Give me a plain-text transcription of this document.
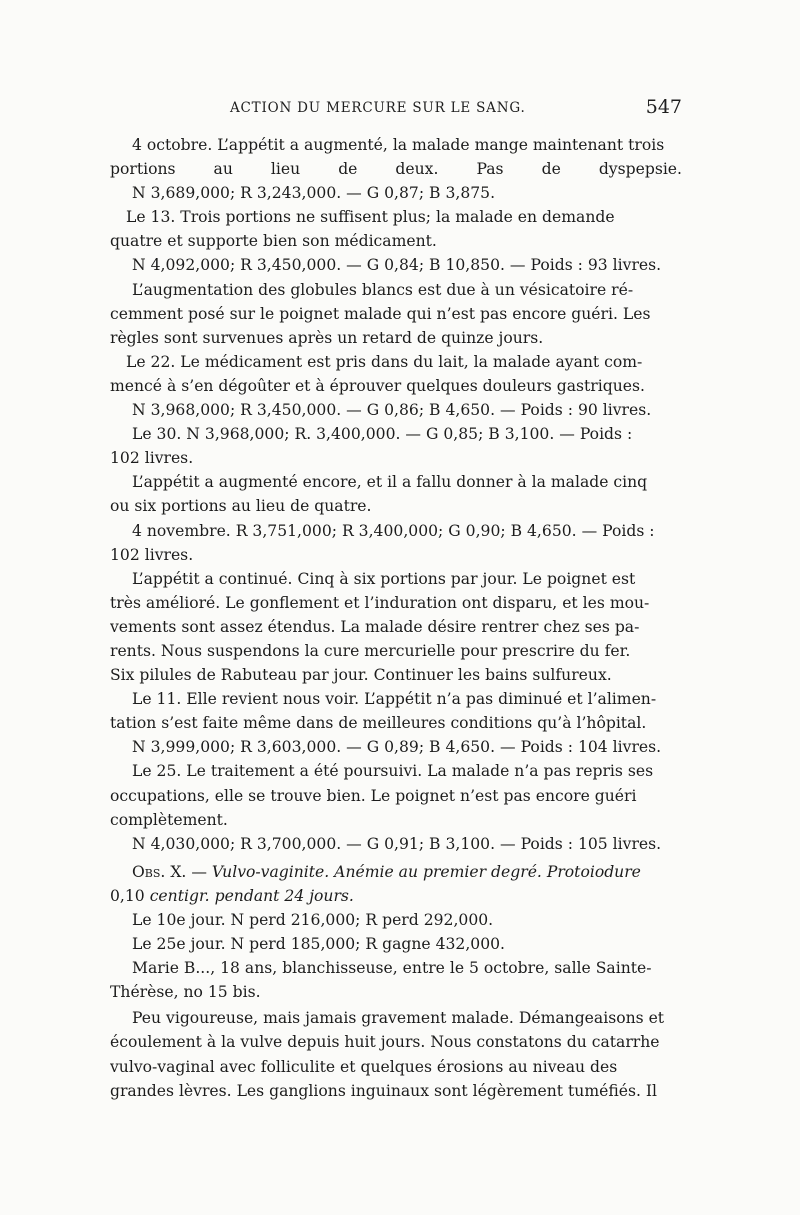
ACTION DU MERCURE SUR LE SANG.	547
4 octobre. L’appétit a augmenté, la malade mange maintenant trois
portions au lieu de deux. Pas de dyspepsie.
N 3,689,000; R 3,243,000. — G 0,87; B 3,875.
Le 13. Trois portions ne suffisent plus; la malade en demande
quatre et supporte bien son médicament.
N 4,092,000; R 3,450,000. — G 0,84; B 10,850. — Poids : 93 livres.
L’augmentation des globules blancs est due à un vésicatoire ré-
cemment posé sur le poignet malade qui n’est pas encore guéri. Les
règles sont survenues après un retard de quinze jours.
Le 22. Le médicament est pris dans du lait, la malade ayant com-
mencé à s’en dégoûter et à éprouver quelques douleurs gastriques.
N 3,968,000; R 3,450,000. — G 0,86; B 4,650. — Poids : 90 livres.
Le 30. N 3,968,000; R. 3,400,000. — G 0,85; B 3,100. — Poids :
102 livres.
L’appétit a augmenté encore, et il a fallu donner à la malade cinq
ou six portions au lieu de quatre.
4 novembre. R 3,751,000; R 3,400,000; G 0,90; B 4,650. — Poids :
102 livres.
L’appétit a continué. Cinq à six portions par jour. Le poignet est
très amélioré. Le gonflement et l’induration ont disparu, et les mou-
vements sont assez étendus. La malade désire rentrer chez ses pa-
rents. Nous suspendons la cure mercurielle pour prescrire du fer.
Six pilules de Rabuteau par jour. Continuer les bains sulfureux.
Le 11. Elle revient nous voir. L’appétit n’a pas diminué et l’alimen-
tation s’est faite même dans de meilleures conditions qu’à l’hôpital.
N 3,999,000; R 3,603,000. — G 0,89; B 4,650. — Poids : 104 livres.
Le 25. Le traitement a été poursuivi. La malade n’a pas repris ses
occupations, elle se trouve bien. Le poignet n’est pas encore guéri
complètement.
N 4,030,000; R 3,700,000. — G 0,91; B 3,100. — Poids : 105 livres.
Obs. X. — Vulvo-vaginite. Anémie au premier degré. Protoiodure
0,10 centigr. pendant 24 jours.
Le 10e jour. N perd 216,000; R perd 292,000.
Le 25e jour. N perd 185,000; R gagne 432,000.
Marie B..., 18 ans, blanchisseuse, entre le 5 octobre, salle Sainte-
Thérèse, no 15 bis.
Peu vigoureuse, mais jamais gravement malade. Démangeaisons et
écoulement à la vulve depuis huit jours. Nous constatons du catarrhe
vulvo-vaginal avec folliculite et quelques érosions au niveau des
grandes lèvres. Les ganglions inguinaux sont légèrement tuméfiés. Il
